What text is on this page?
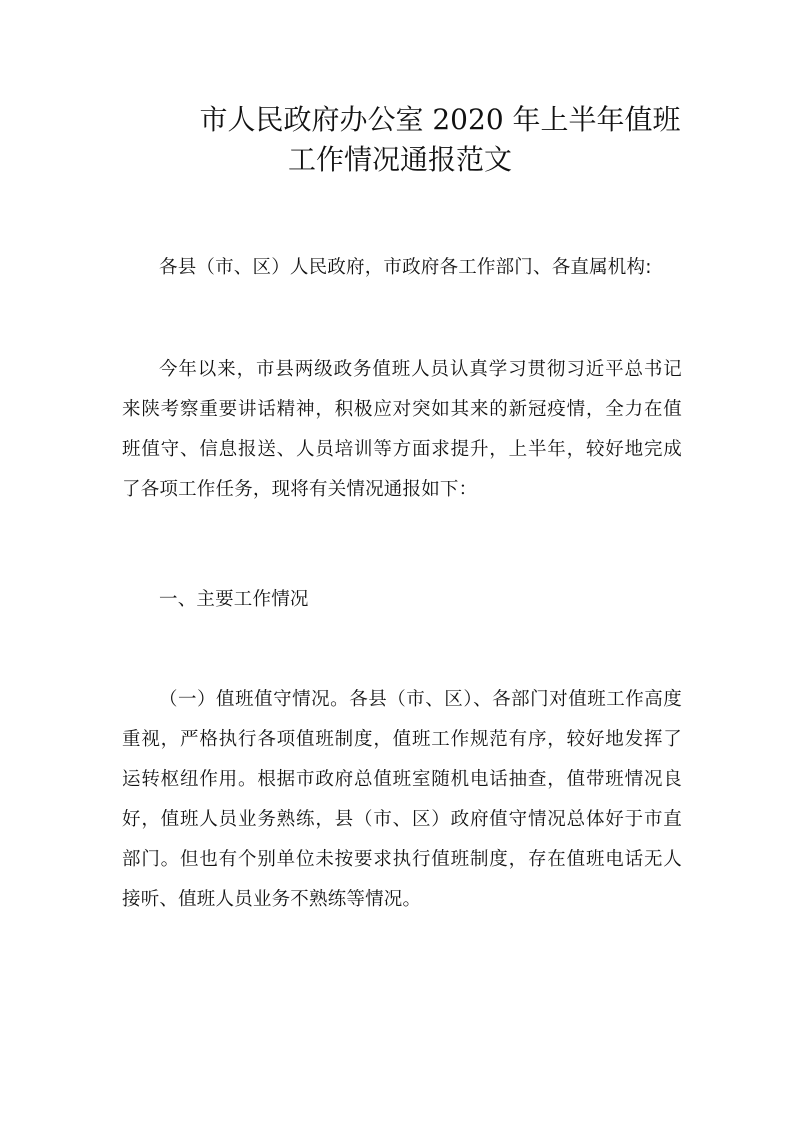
市人民政府办公室 2020 年上半年值班
工作情况通报范文

各县（市、区）人民政府，市政府各工作部门、各直属机构:

今年以来，市县两级政务值班人员认真学习贯彻习近平总书记来陕考察重要讲话精神，积极应对突如其来的新冠疫情，全力在值班值守、信息报送、人员培训等方面求提升，上半年，较好地完成了各项工作任务，现将有关情况通报如下：

一、主要工作情况

（一）值班值守情况。各县（市、区）、各部门对值班工作高度重视，严格执行各项值班制度，值班工作规范有序，较好地发挥了运转枢纽作用。根据市政府总值班室随机电话抽查，值带班情况良好，值班人员业务熟练，县（市、区）政府值守情况总体好于市直部门。但也有个别单位未按要求执行值班制度，存在值班电话无人接听、值班人员业务不熟练等情况。
